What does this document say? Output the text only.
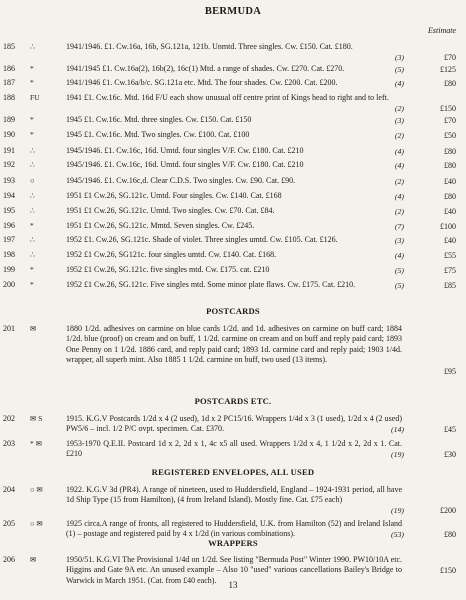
BERMUDA
Estimate
185	∴	1941/1946. £1. Cw.16a, 16b, SG.121a, 121b. Unmtd. Three singles. Cw. £150. Cat. £180.
(3)	£70
186	*	1941/1945 £1. Cw.16a(2), 16b(2), 16c(1) Mtd. a range of shades. Cw. £270. Cat. £270.	(5)	£125
187	*	1941/1946 £1. Cw.16a/b/c. SG.121a etc. Mtd. The four shades. Cw. £200. Cat. £200.	(4)	£80
188	FU	1941 £1. Cw.16c. Mtd. 16d F/U each show unusual off centre print of Kings head to right and to left.
(2)	£150
189	*	1945 £1. Cw.16c. Mtd. three singles. Cw. £150. Cat. £150	(3)	£70
190	*	1945 £1. Cw.16c. Mtd. Two singles. Cw. £100. Cat. £100	(2)	£50
191	∴	1945/1946. £1. Cw.16c, 16d. Umtd. four singles V/F. Cw. £180. Cat. £210	(4)	£80
192	∴	1945/1946. £1. Cw.16c, 16d. Umtd. four singles V/F. Cw. £180. Cat. £210	(4)	£80
193	○	1945/1946. £1. Cw.16c,d. Clear C.D.S. Two singles. Cw. £90. Cat. £90.	(2)	£40
194	∴	1951 £1 Cw.26, SG.121c. Umtd. Four singles. Cw. £140. Cat. £168	(4)	£80
195	∴	1951 £1 Cw.26, SG.121c. Umtd. Two singles. Cw. £70. Cat. £84.	(2)	£40
196	*	1951 £1 Cw.26, SG.121c. Mmtd. Seven singles. Cw. £245.	(7)	£100
197	∴	1952 £1. Cw.26, SG.121c. Shade of violet. Three singles umtd. Cw. £105. Cat. £126.	(3)	£40
198	∴	1952 £1 Cw.26, SG121c. four singles umtd. Cw. £140. Cat. £168.	(4)	£55
199	*	1952 £1 Cw.26, SG.121c. five singles mtd. Cw. £175. cat. £210	(5)	£75
200	*	1952 £1 Cw.26, SG.121c. Five singles mtd. Some minor plate flaws. Cw. £175. Cat. £210.	(5)	£85
POSTCARDS
201	✉	1880 1/2d. adhesives on carmine on blue cards 1/2d. and 1d. adhesives on carmine on buff card; 1884 1/2d. blue (proof) on cream and on buff, 1 1/2d. carmine on cream and on buff and reply paid card; 1893 One Penny on 1 1/2d. 1886 card, and reply paid card; 1893 1d. carmine card and reply paid; 1903 1/4d. wrapper, all superb mint. Also 1885 1 1/2d. carmine on buff, two used (13 items).
£95
POSTCARDS ETC.
202	✉ S	1915. K.G.V Postcards 1/2d x 4 (2 used), 1d x 2 PC15/16. Wrappers 1/4d x 3 (1 used), 1/2d x 4 (2 used) PW5/6 – incl. 1/2 P/C ovpt. specimen. Cat. £370.	(14)	£45
203	* ✉	1953-1970 Q.E.II. Postcard 1d x 2, 2d x 1, 4c x5 all used. Wrappers 1/2d x 4, 1 1/2d x 2, 2d x 1. Cat. £210	(19)	£30
REGISTERED ENVELOPES, ALL USED
204	○ ✉	1922. K.G.V 3d (PR4). A range of nineteen, used to Huddersfield, England – 1924-1931 period, all have 1d Ship Type (15 from Hamilton), (4 from Ireland Island). Mostly fine. Cat. £75 each)
(19)	£200
205	○ ✉	1925 circa.A range of fronts, all registered to Huddersfield, U.K. from Hamilton (52) and Ireland Island (1) – postage and registered paid by 4 x 1/2d (in various combinations).	(53)	£80
WRAPPERS
206	✉	1950/51. K.G.VI The Provisional 1/4d on 1/2d. See listing "Bermuda Post" Winter 1990. PW10/10A etc. Higgins and Gate 9A etc. An unused example – Also 10 "used" various cancellations Bailey's Bridge to Warwick in March 1951. (Cat. from £40 each).
£150
13
